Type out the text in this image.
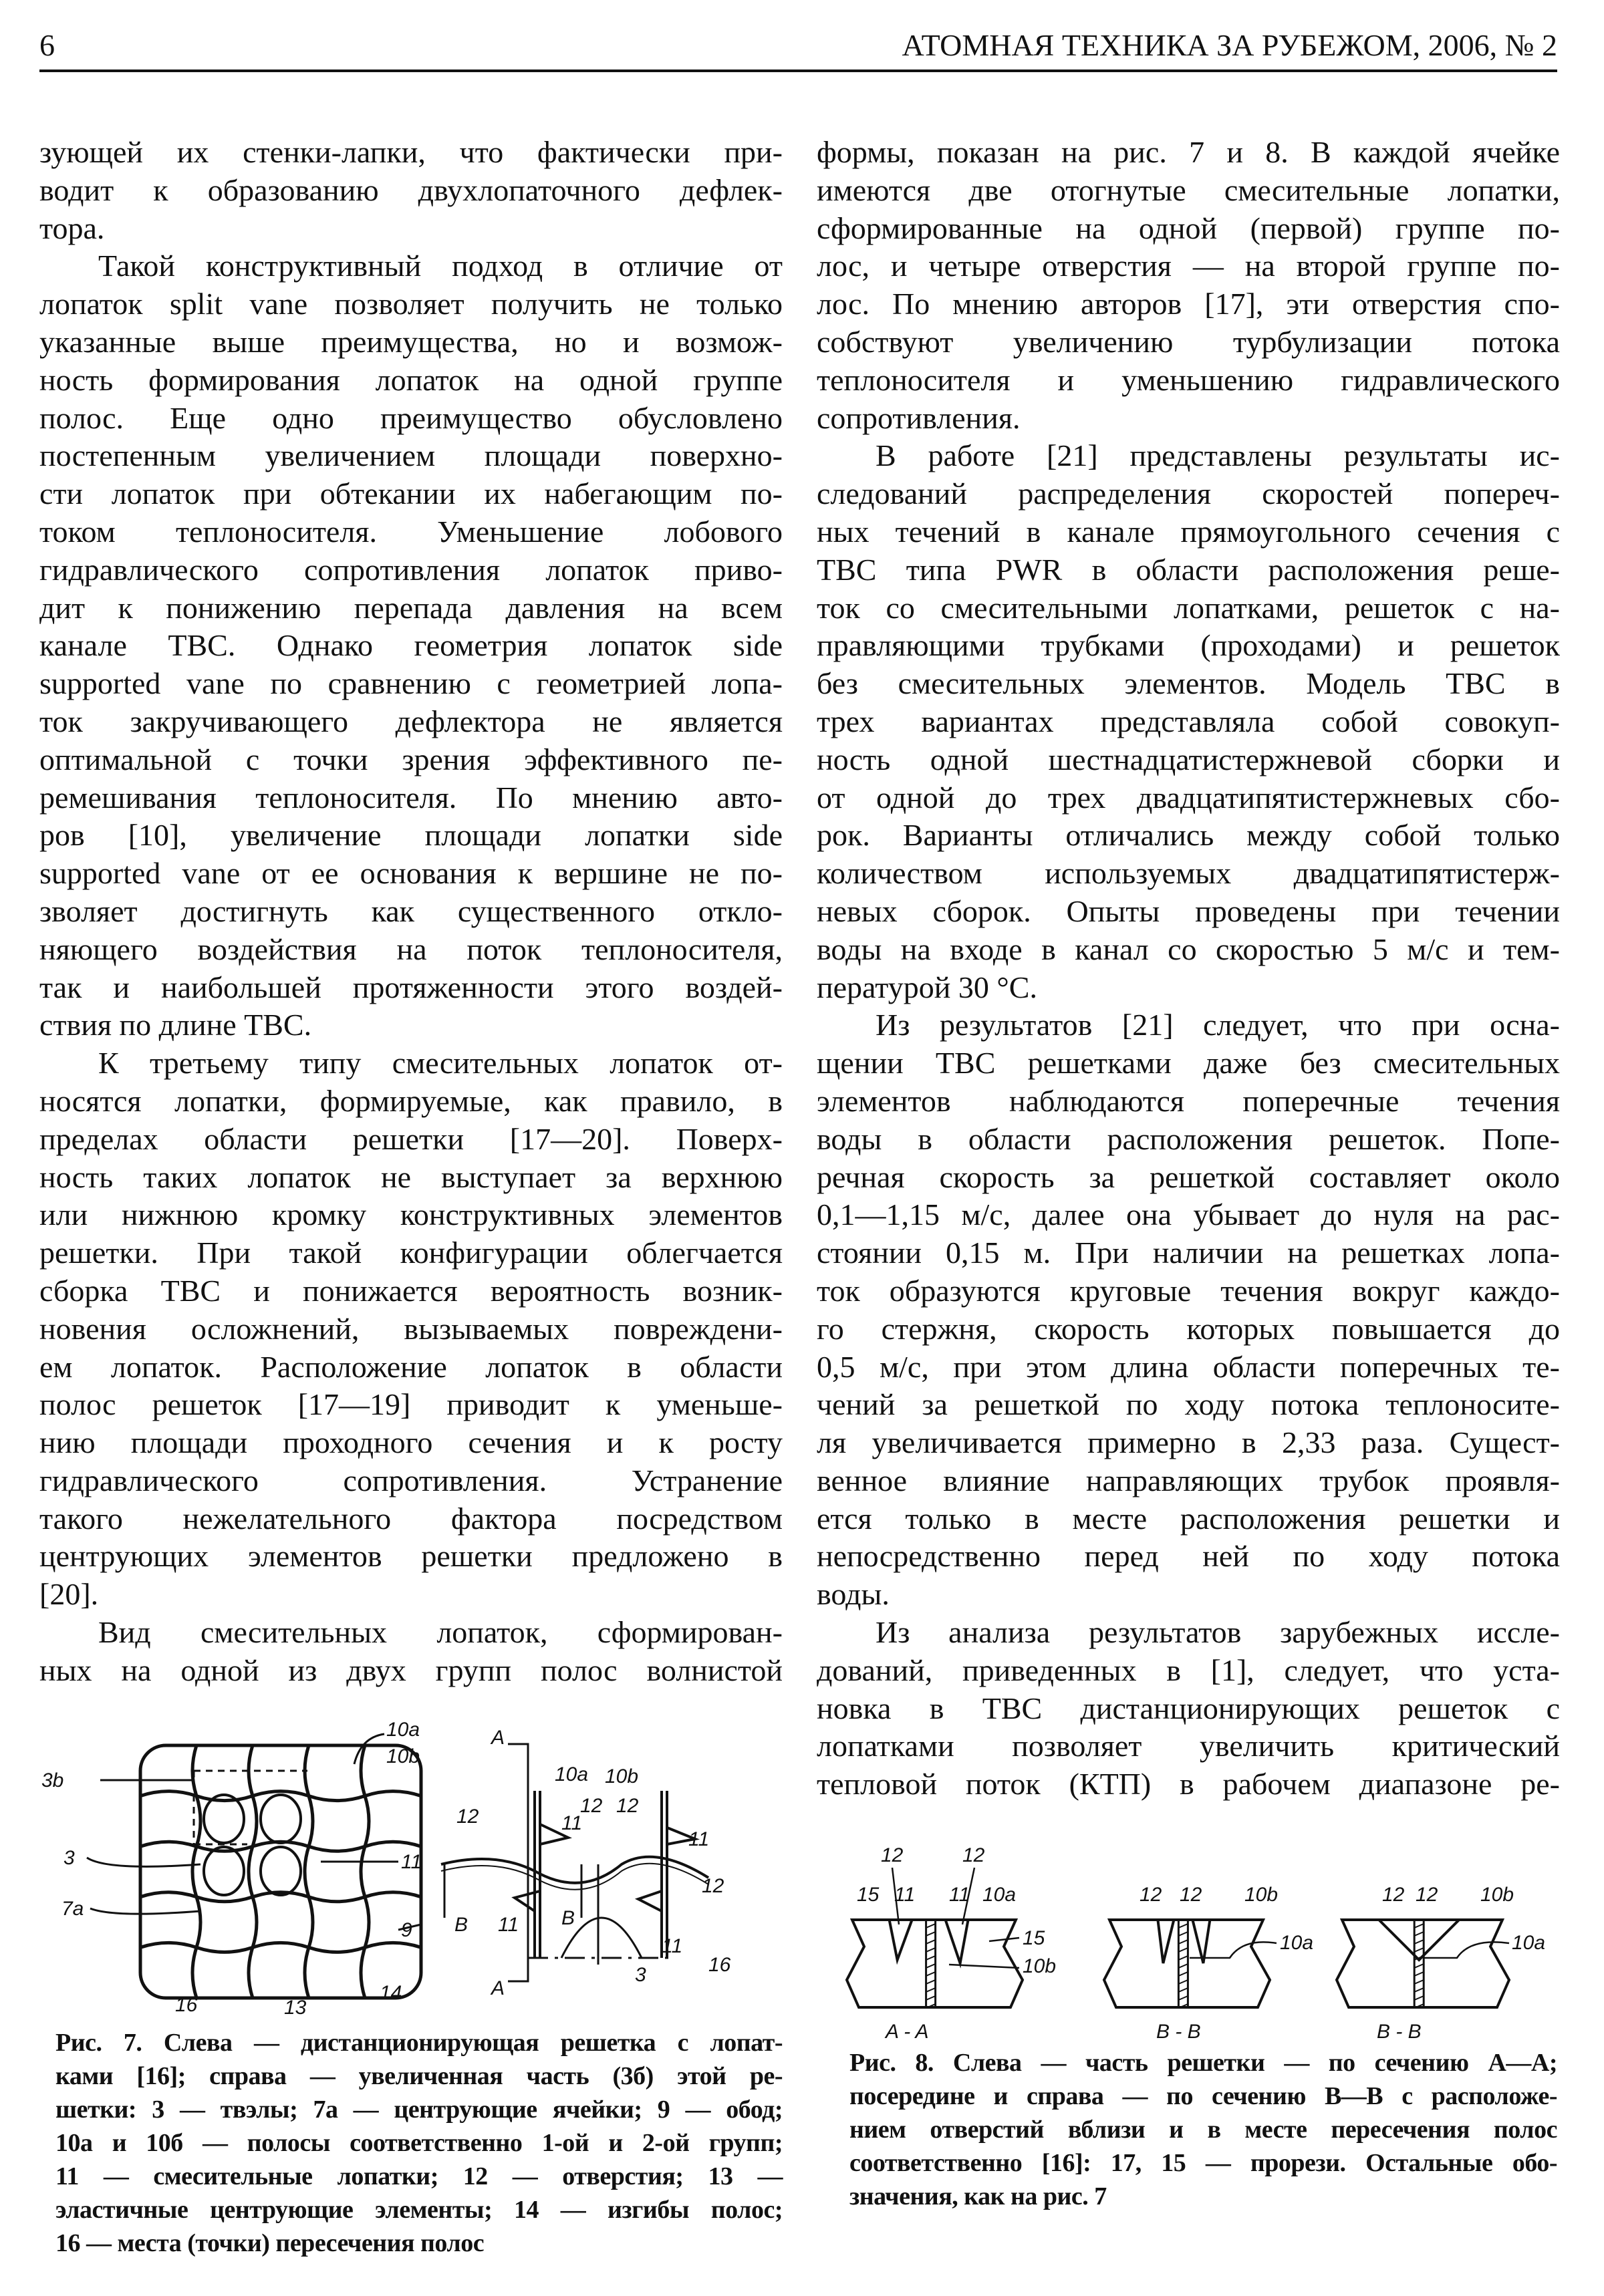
6	АТОМНАЯ ТЕХНИКА ЗА РУБЕЖОМ, 2006, № 2
зующей их стенки-лапки, что фактически при-
водит к образованию двухлопаточного дефлек-
тора.
Такой конструктивный подход в отличие от
лопаток split vane позволяет получить не только
указанные выше преимущества, но и возмож-
ность формирования лопаток на одной группе
полос. Еще одно преимущество обусловлено
постепенным увеличением площади поверхно-
сти лопаток при обтекании их набегающим по-
током теплоносителя. Уменьшение лобового
гидравлического сопротивления лопаток приво-
дит к понижению перепада давления на всем
канале ТВС. Однако геометрия лопаток side
supported vane по сравнению с геометрией лопа-
ток закручивающего дефлектора не является
оптимальной с точки зрения эффективного пе-
ремешивания теплоносителя. По мнению авто-
ров [10], увеличение площади лопатки side
supported vane от ее основания к вершине не по-
зволяет достигнуть как существенного откло-
няющего воздействия на поток теплоносителя,
так и наибольшей протяженности этого воздей-
ствия по длине ТВС.
К третьему типу смесительных лопаток от-
носятся лопатки, формируемые, как правило, в
пределах области решетки [17—20]. Поверх-
ность таких лопаток не выступает за верхнюю
или нижнюю кромку конструктивных элементов
решетки. При такой конфигурации облегчается
сборка ТВС и понижается вероятность возник-
новения осложнений, вызываемых повреждени-
ем лопаток. Расположение лопаток в области
полос решеток [17—19] приводит к уменьше-
нию площади проходного сечения и к росту
гидравлического сопротивления. Устранение
такого нежелательного фактора посредством
центрующих элементов решетки предложено в
[20].
Вид смесительных лопаток, сформирован-
ных на одной из двух групп полос волнистой
формы, показан на рис. 7 и 8. В каждой ячейке
имеются две отогнутые смесительные лопатки,
сформированные на одной (первой) группе по-
лос, и четыре отверстия — на второй группе по-
лос. По мнению авторов [17], эти отверстия спо-
собствуют увеличению турбулизации потока
теплоносителя и уменьшению гидравлического
сопротивления.
В работе [21] представлены результаты ис-
следований распределения скоростей попереч-
ных течений в канале прямоугольного сечения с
ТВС типа PWR в области расположения реше-
ток со смесительными лопатками, решеток с на-
правляющими трубками (проходами) и решеток
без смесительных элементов. Модель ТВС в
трех вариантах представляла собой совокуп-
ность одной шестнадцатистержневой сборки и
от одной до трех двадцатипятистержневых сбо-
рок. Варианты отличались между собой только
количеством используемых двадцатипятистерж-
невых сборок. Опыты проведены при течении
воды на входе в канал со скоростью 5 м/с и тем-
пературой 30 °С.
Из результатов [21] следует, что при осна-
щении ТВС решетками даже без смесительных
элементов наблюдаются поперечные течения
воды в области расположения решеток. Попе-
речная скорость за решеткой составляет около
0,1—1,15 м/с, далее она убывает до нуля на рас-
стоянии 0,15 м. При наличии на решетках лопа-
ток образуются круговые течения вокруг каждо-
го стержня, скорость которых повышается до
0,5 м/с, при этом длина области поперечных те-
чений за решеткой по ходу потока теплоносите-
ля увеличивается примерно в 2,33 раза. Сущест-
венное влияние направляющих трубок проявля-
ется только в месте расположения решетки и
непосредственно перед ней по ходу потока
воды.
Из анализа результатов зарубежных иссле-
дований, приведенных в [1], следует, что уста-
новка в ТВС дистанционирующих решеток с
лопатками позволяет увеличить критический
тепловой поток (КТП) в рабочем диапазоне ре-
10a
10b
3b
3
7a
11
9
14
16	13
A
A
B	B
10a 10b
12	12 12
12
11
11
11
11
16
3
12	12
15 11 11 10a
15
10b
A - A
12 12 10b
10a
B - B
12 12 10b
10a
B - B
Рис. 7. Слева — дистанционирующая решетка с лопат-
ками [16]; справа — увеличенная часть (3б) этой ре-
шетки: 3 — твэлы; 7а — центрующие ячейки; 9 — обод;
10а и 10б — полосы соответственно 1-ой и 2-ой групп;
11 — смесительные лопатки; 12 — отверстия; 13 —
эластичные центрующие элементы; 14 — изгибы полос;
16 — места (точки) пересечения полос
Рис. 8. Слева — часть решетки — по сечению А—А;
посередине и справа — по сечению В—В с расположе-
нием отверстий вблизи и в месте пересечения полос
соответственно [16]: 17, 15 — прорези. Остальные обо-
значения, как на рис. 7
